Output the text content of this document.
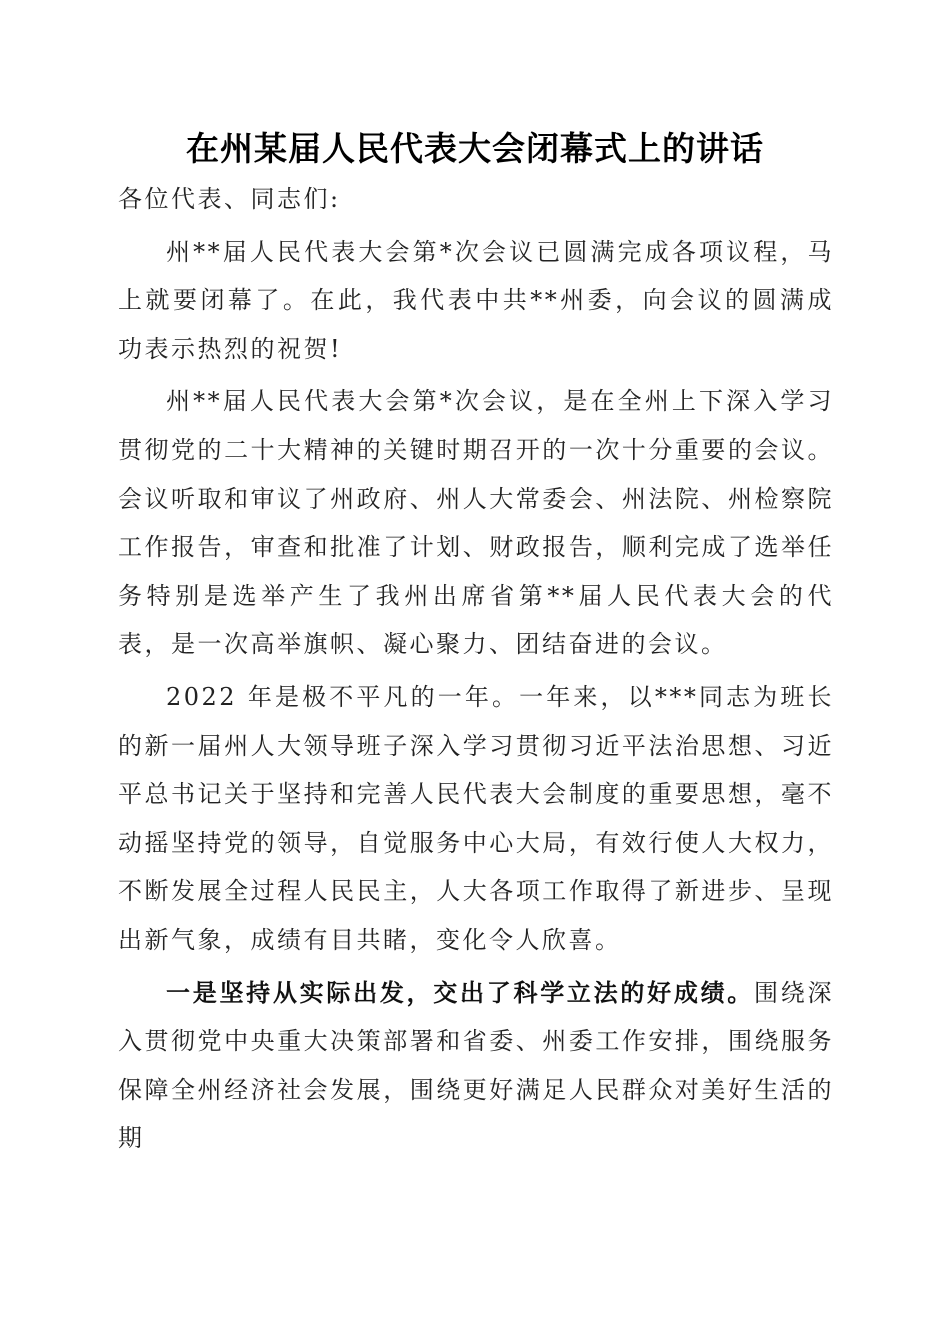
在州某届人民代表大会闭幕式上的讲话

各位代表、同志们:

州**届人民代表大会第*次会议已圆满完成各项议程，马上就要闭幕了。在此，我代表中共**州委，向会议的圆满成功表示热烈的祝贺!

州**届人民代表大会第*次会议，是在全州上下深入学习贯彻党的二十大精神的关键时期召开的一次十分重要的会议。会议听取和审议了州政府、州人大常委会、州法院、州检察院工作报告，审查和批准了计划、财政报告，顺利完成了选举任务特别是选举产生了我州出席省第**届人民代表大会的代表，是一次高举旗帜、凝心聚力、团结奋进的会议。

2022 年是极不平凡的一年。一年来，以***同志为班长的新一届州人大领导班子深入学习贯彻习近平法治思想、习近平总书记关于坚持和完善人民代表大会制度的重要思想，毫不动摇坚持党的领导，自觉服务中心大局，有效行使人大权力，不断发展全过程人民民主，人大各项工作取得了新进步、呈现出新气象，成绩有目共睹，变化令人欣喜。

一是坚持从实际出发，交出了科学立法的好成绩。围绕深入贯彻党中央重大决策部署和省委、州委工作安排，围绕服务保障全州经济社会发展，围绕更好满足人民群众对美好生活的期
